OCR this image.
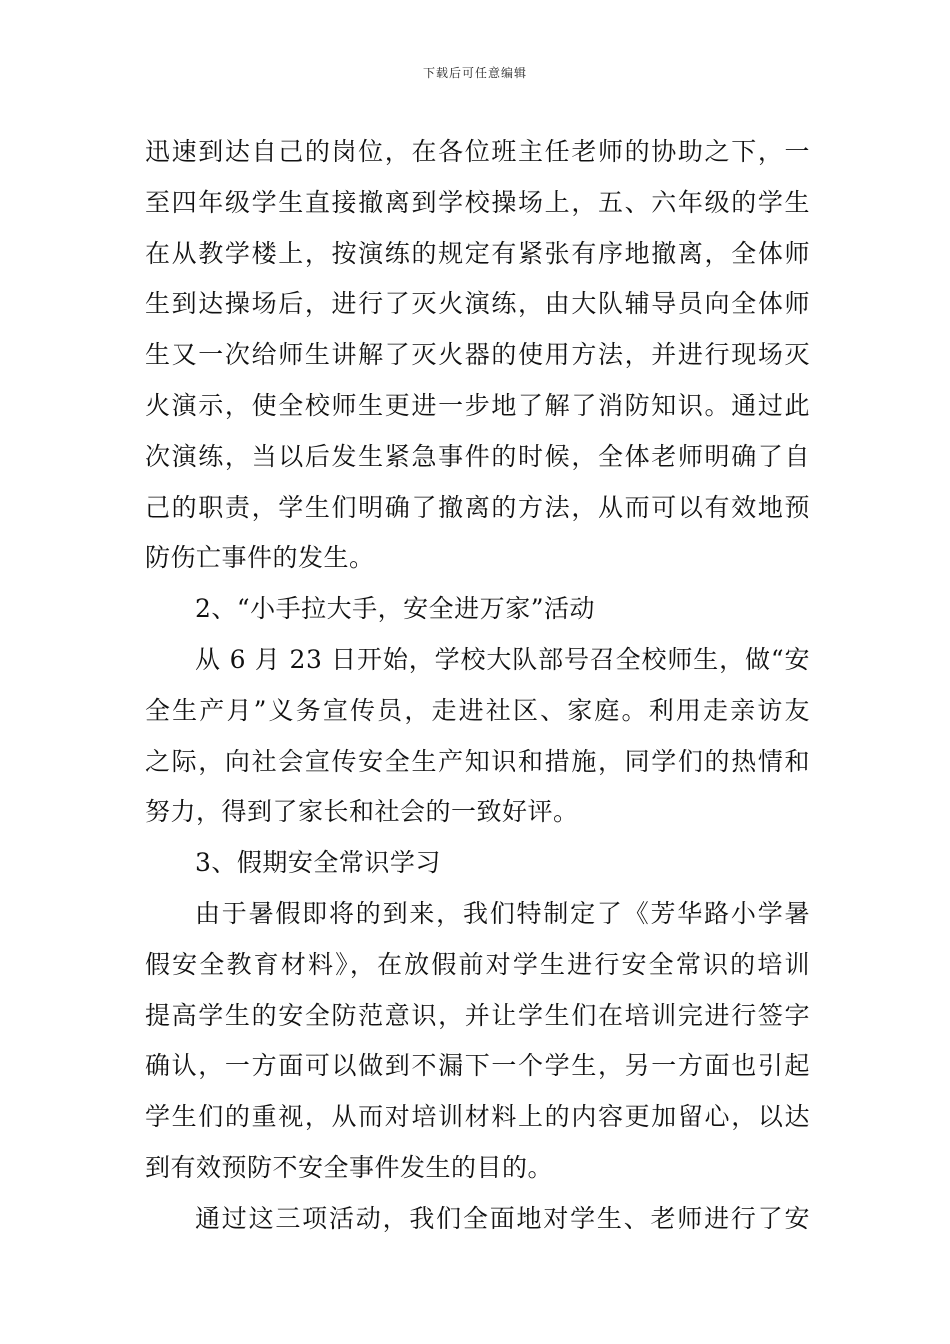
下载后可任意编辑
迅速到达自己的岗位，在各位班主任老师的协助之下，一
至四年级学生直接撤离到学校操场上，五、六年级的学生
在从教学楼上，按演练的规定有紧张有序地撤离，全体师
生到达操场后，进行了灭火演练，由大队辅导员向全体师
生又一次给师生讲解了灭火器的使用方法，并进行现场灭
火演示，使全校师生更进一步地了解了消防知识。通过此
次演练，当以后发生紧急事件的时候，全体老师明确了自
己的职责，学生们明确了撤离的方法，从而可以有效地预
防伤亡事件的发生。
2、“小手拉大手，安全进万家”活动
从 6 月 23 日开始，学校大队部号召全校师生，做“安
全生产月”义务宣传员，走进社区、家庭。利用走亲访友
之际，向社会宣传安全生产知识和措施，同学们的热情和
努力，得到了家长和社会的一致好评。
3、假期安全常识学习
由于暑假即将的到来，我们特制定了《芳华路小学暑
假安全教育材料》，在放假前对学生进行安全常识的培训
提高学生的安全防范意识，并让学生们在培训完进行签字
确认，一方面可以做到不漏下一个学生，另一方面也引起
学生们的重视，从而对培训材料上的内容更加留心，以达
到有效预防不安全事件发生的目的。
通过这三项活动，我们全面地对学生、老师进行了安
